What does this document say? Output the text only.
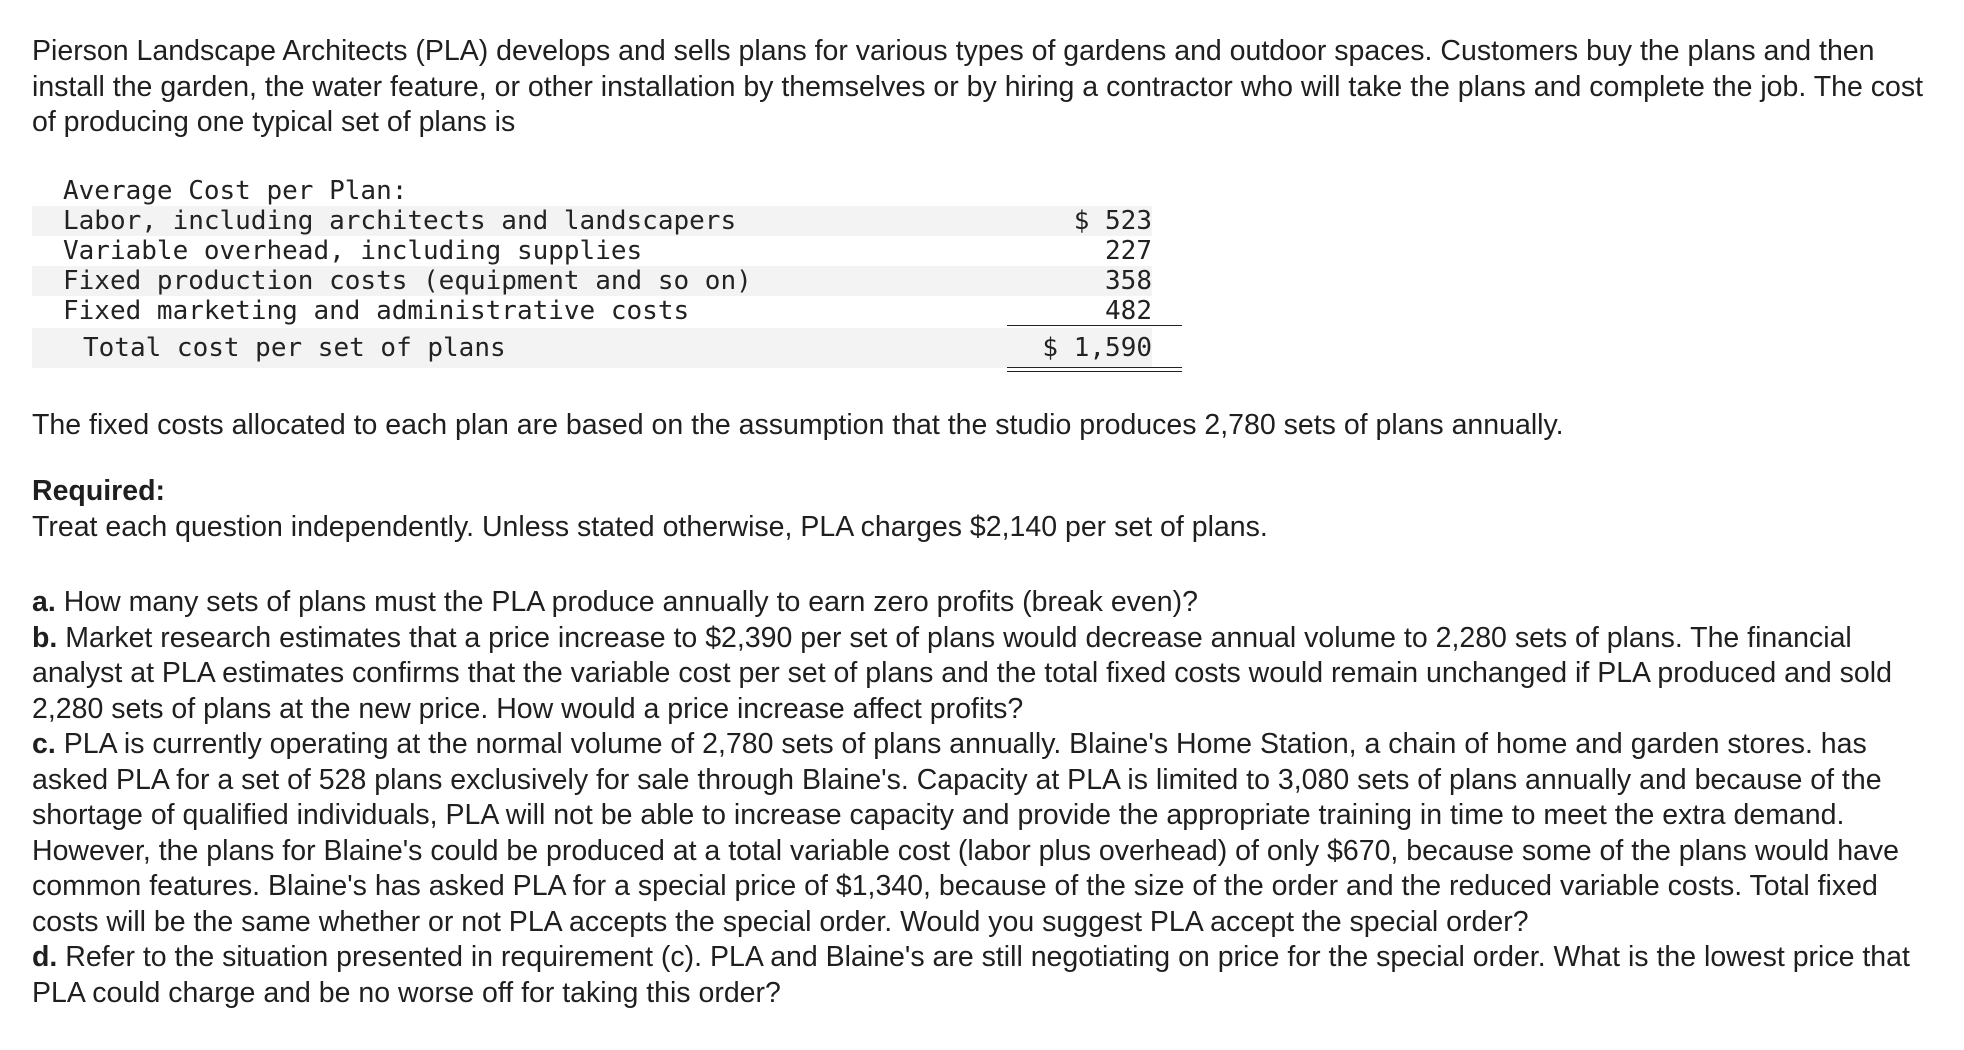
Pierson Landscape Architects (PLA) develops and sells plans for various types of gardens and outdoor spaces. Customers buy the plans and then install the garden, the water feature, or other installation by themselves or by hiring a contractor who will take the plans and complete the job. The cost of producing one typical set of plans is

Average Cost per Plan:
Labor, including architects and landscapers	$ 523
Variable overhead, including supplies	227
Fixed production costs (equipment and so on)	358
Fixed marketing and administrative costs	482
Total cost per set of plans	$ 1,590

The fixed costs allocated to each plan are based on the assumption that the studio produces 2,780 sets of plans annually.

Required:
Treat each question independently. Unless stated otherwise, PLA charges $2,140 per set of plans.

a. How many sets of plans must the PLA produce annually to earn zero profits (break even)?

b. Market research estimates that a price increase to $2,390 per set of plans would decrease annual volume to 2,280 sets of plans. The financial analyst at PLA estimates confirms that the variable cost per set of plans and the total fixed costs would remain unchanged if PLA produced and sold 2,280 sets of plans at the new price. How would a price increase affect profits?

c. PLA is currently operating at the normal volume of 2,780 sets of plans annually. Blaine's Home Station, a chain of home and garden stores. has asked PLA for a set of 528 plans exclusively for sale through Blaine's. Capacity at PLA is limited to 3,080 sets of plans annually and because of the shortage of qualified individuals, PLA will not be able to increase capacity and provide the appropriate training in time to meet the extra demand. However, the plans for Blaine's could be produced at a total variable cost (labor plus overhead) of only $670, because some of the plans would have common features. Blaine's has asked PLA for a special price of $1,340, because of the size of the order and the reduced variable costs. Total fixed costs will be the same whether or not PLA accepts the special order. Would you suggest PLA accept the special order?

d. Refer to the situation presented in requirement (c). PLA and Blaine's are still negotiating on price for the special order. What is the lowest price that PLA could charge and be no worse off for taking this order?
